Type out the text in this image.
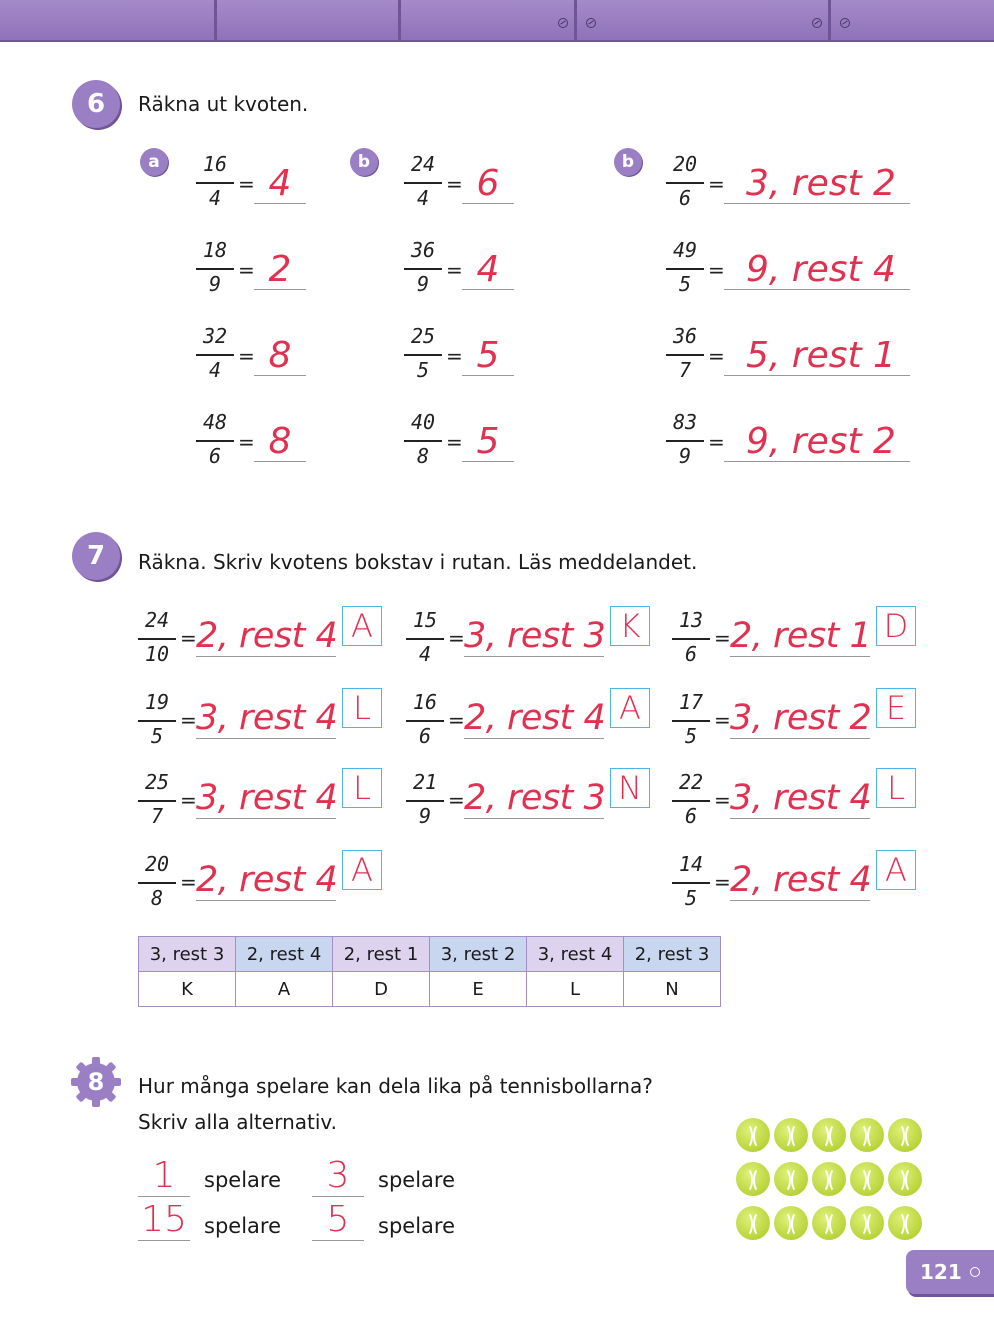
6	Räkna ut kvoten.
a	b	b
16
4
= 4
18
9
= 2
32
4
= 8
48
6
= 8
24
4
= 6
36
9
= 4
25
5
= 5
40
8
= 5
20
6
= 3, rest 2
49
5
= 9, rest 4
36
7
= 5, rest 1
83
9
= 9, rest 2
7	Räkna. Skriv kvotens bokstav i rutan. Läs meddelandet.
24
10
= 2, rest 4 A
19
5
= 3, rest 4 L
25
7
= 3, rest 4 L
20
8
= 2, rest 4 A
15
4
= 3, rest 3 K
16
6
= 2, rest 4 A
21
9
= 2, rest 3 N
13
6
= 2, rest 1 D
17
5
= 3, rest 2 E
22
6
= 3, rest 4 L
14
5
= 2, rest 4 A
3, rest 3	2, rest 4	2, rest 1	3, rest 2	3, rest 4	2, rest 3
K	A	D	E	L	N
8	Hur många spelare kan dela lika på tennisbollarna?
Skriv alla alternativ.
1	spelare	3	spelare
15 spelare	5	spelare
121
